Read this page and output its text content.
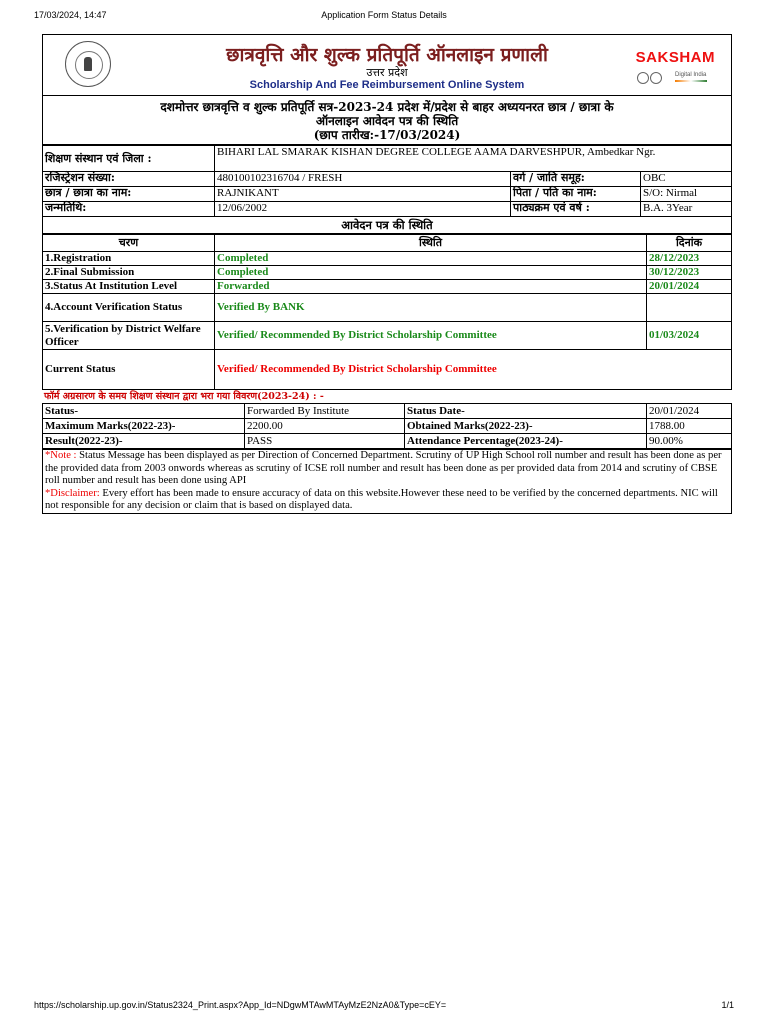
17/03/2024, 14:47	Application Form Status Details
छात्रवृत्ति और शुल्क प्रतिपूर्ति ऑनलाइन प्रणाली
उत्तर प्रदेश
Scholarship And Fee Reimbursement Online System
SAKSHAM
Digital India
दशमोत्तर छात्रवृत्ति व शुल्क प्रतिपूर्ति सत्र-2023-24 प्रदेश में/प्रदेश से बाहर अध्ययनरत छात्र / छात्रा के
ऑनलाइन आवेदन पत्र की स्थिति
(छाप तारीख:-17/03/2024)
शिक्षण संस्थान एवं जिला :	BIHARI LAL SMARAK KISHAN DEGREE COLLEGE AAMA DARVESHPUR, Ambedkar Ngr.		
रजिस्ट्रेशन संख्या:	480100102316704 / FRESH	वर्ग / जाति समूह:	OBC
छात्र / छात्रा का नाम:	RAJNIKANT	पिता / पति का नाम:	S/O: Nirmal
जन्मतिथि:	12/06/2002	पाठ्यक्रम एवं वर्ष :	B.A. 3Year
आवेदन पत्र की स्थिति
चरण	स्थिति	दिनांक
1.Registration	Completed	28/12/2023
2.Final Submission	Completed	30/12/2023
3.Status At Institution Level	Forwarded	20/01/2024
4.Account Verification Status	Verified By BANK	
5.Verification by District Welfare Officer	Verified/ Recommended By District Scholarship Committee	01/03/2024
Current Status	Verified/ Recommended By District Scholarship Committee	
फॉर्म अग्रसारण के समय शिक्षण संस्थान द्वारा भरा गया विवरण(2023-24) : -
Status-	Forwarded By Institute	Status Date-	20/01/2024
Maximum Marks(2022-23)-	2200.00	Obtained Marks(2022-23)-	1788.00
Result(2022-23)-	PASS	Attendance Percentage(2023-24)-	90.00%
*Note : Status Message has been displayed as per Direction of Concerned Department. Scrutiny of UP High School roll number and result has been done as per the provided data from 2003 onwords whereas as scrutiny of ICSE roll number and result has been done as per provided data from 2014 and scrutiny of CBSE roll number and result has been done using API
*Disclaimer: Every effort has been made to ensure accuracy of data on this website.However these need to be verified by the concerned departments. NIC will not responsible for any decision or claim that is based on displayed data.
https://scholarship.up.gov.in/Status2324_Print.aspx?App_Id=NDgwMTAwMTAyMzE2NzA0&Type=cEY=	1/1
